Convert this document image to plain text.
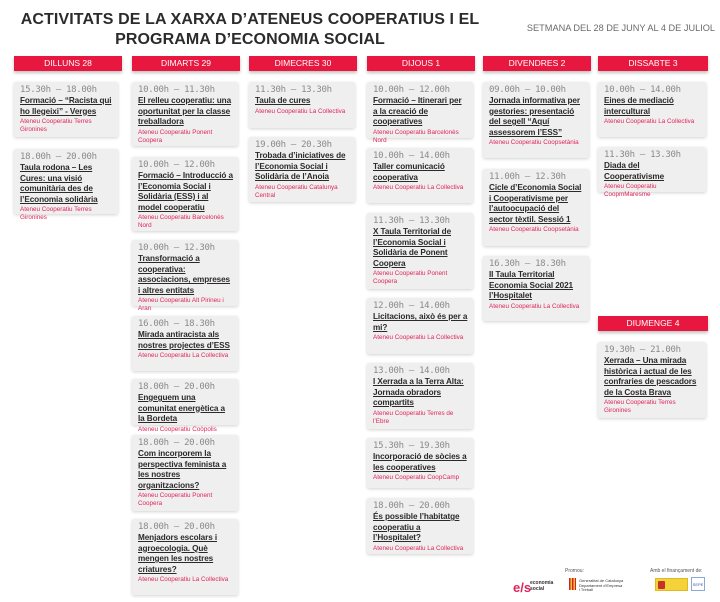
ACTIVITATS DE LA XARXA D’ATENEUS COOPERATIUS I EL
PROGRAMA D’ECONOMIA SOCIAL
SETMANA DEL 28 DE JUNY AL 4 DE JULIOL
DILLUNS 28	DIMARTS 29	DIMECRES 30	DIJOUS 1	DIVENDRES 2	DISSABTE 3
DIUMENGE 4
15.30h – 18.00h
Formació – “Racista qui ho llegeixi” - Verges
Ateneu Cooperatiu Terres Gironines
18.00h – 20.00h
Taula rodona – Les Cures: una visió comunitària des de l’Economia solidària
Ateneu Cooperatiu Terres Gironines
10.00h – 11.30h
El relleu cooperatiu: una oportunitat per la classe treballadora
Ateneu Cooperatiu Ponent Coopera
10.00h – 12.00h
Formació – Introducció a l’Economia Social i Solidària (ESS) i al model cooperatiu
Ateneu Cooperatiu Barcelonès Nord
10.00h – 12.30h
Transformació a cooperativa: associacions, empreses i altres entitats
Ateneu Cooperatiu Alt Pirineu i Aran
16.00h – 18.30h
Mirada antiracista als nostres projectes d’ESS
Ateneu Cooperatiu La Collectiva
18.00h – 20.00h
Engeguem una comunitat energètica a la Bordeta
Ateneu Cooperatiu Coòpolis
18.00h – 20.00h
Com incorporem la perspectiva feminista a les nostres organitzacions?
Ateneu Cooperatiu Ponent Coopera
18.00h – 20.00h
Menjadors escolars i agroecologia. Què mengen les nostres criatures?
Ateneu Cooperatiu La Collectiva
11.30h – 13.30h
Taula de cures
Ateneu Cooperatiu La Collectiva
19.00h – 20.30h
Trobada d’iniciatives de l’Economia Social i Solidària de l’Anoia
Ateneu Cooperatiu Catalunya Central
10.00h – 12.00h
Formació – Itinerari per a la creació de cooperatives
Ateneu Cooperatiu Barcelonès Nord
10.00h – 14.00h
Taller comunicació cooperativa
Ateneu Cooperatiu La Collectiva
11.30h – 13.30h
X Taula Territorial de l’Economia Social i Solidària de Ponent Coopera
Ateneu Cooperatiu Ponent Coopera
12.00h – 14.00h
Licitacions, això és per a mi?
Ateneu Cooperatiu La Collectiva
13.00h – 14.00h
I Xerrada a la Terra Alta: Jornada obradors compartits
Ateneu Cooperatiu Terres de l’Ebre
15.30h – 19.30h
Incorporació de sòcies a les cooperatives
Ateneu Cooperatiu CoopCamp
18.00h – 20.00h
És possible l’habitatge cooperatiu a l’Hospitalet?
Ateneu Cooperatiu La Collectiva
09.00h – 10.00h
Jornada informativa per gestories: presentació del segell “Aquí assessorem l’ESS”
Ateneu Cooperatiu Coopsetània
11.00h – 12.30h
Cicle d’Economia Social i Cooperativisme per l’autoocupació del sector tèxtil. Sessió 1
Ateneu Cooperatiu Coopsetània
16.30h – 18.30h
II Taula Territorial Economia Social 2021 l’Hospitalet
Ateneu Cooperatiu La Collectiva
10.00h – 14.00h
Eines de mediació intercultural
Ateneu Cooperatiu La Collectiva
11.30h – 13.30h
Diada del Cooperativisme
Ateneu Cooperatiu CoopmMaresme
19.30h – 21.00h
Xerrada – Una mirada històrica i actual de les confraries de pescadors de la Costa Brava
Ateneu Cooperatiu Terres Gironines
Promou:	Amb el finançament de:
e/s
economia
social
Generalitat de Catalunya
Departament d’Empresa
i Treball
SEPE
